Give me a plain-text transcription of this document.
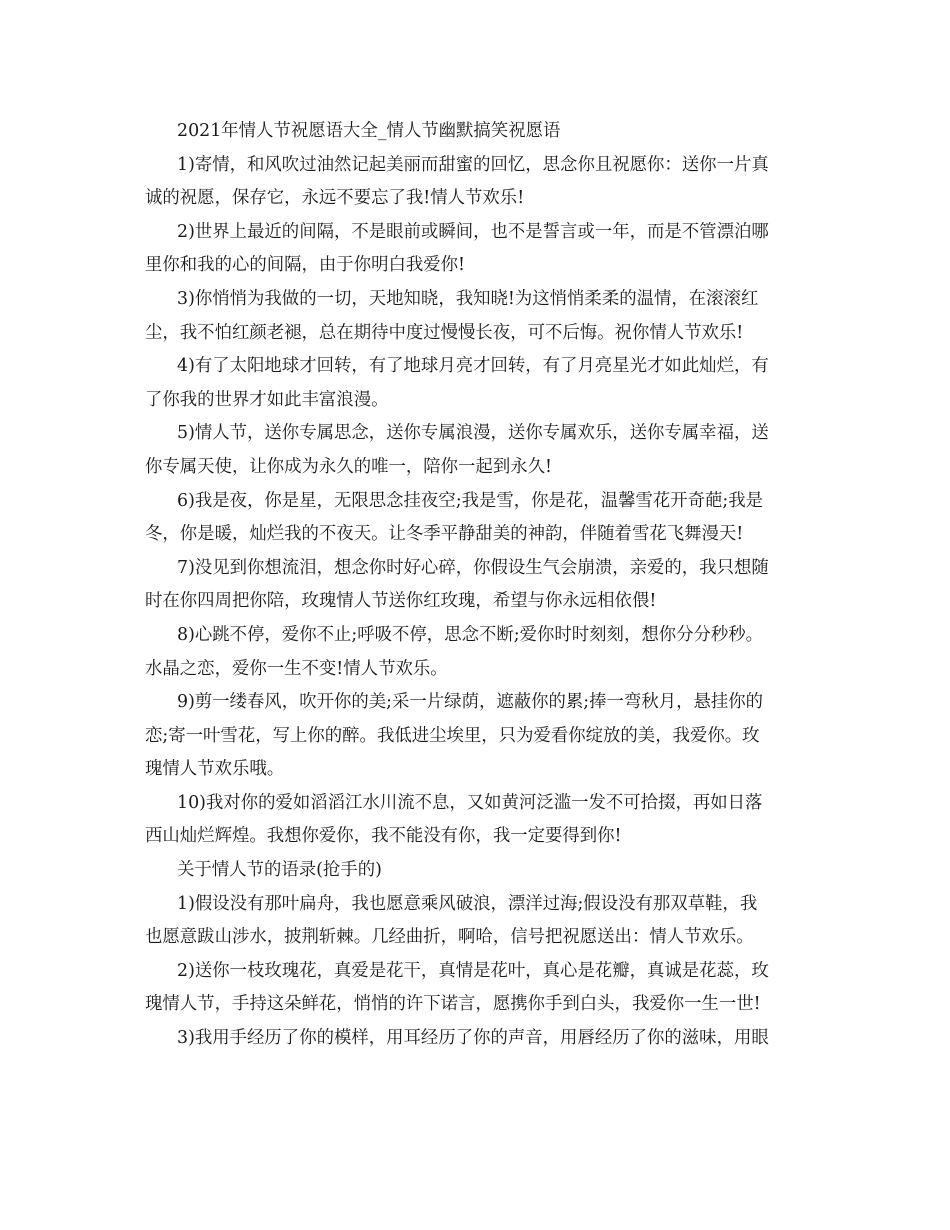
2021年情人节祝愿语大全_情人节幽默搞笑祝愿语
1)寄情，和风吹过油然记起美丽而甜蜜的回忆，思念你且祝愿你：送你一片真
诚的祝愿，保存它，永远不要忘了我!情人节欢乐!
2)世界上最近的间隔，不是眼前或瞬间，也不是誓言或一年，而是不管漂泊哪
里你和我的心的间隔，由于你明白我爱你!
3)你悄悄为我做的一切，天地知晓，我知晓!为这悄悄柔柔的温情，在滚滚红
尘，我不怕红颜老褪，总在期待中度过慢慢长夜，可不后悔。祝你情人节欢乐!
4)有了太阳地球才回转，有了地球月亮才回转，有了月亮星光才如此灿烂，有
了你我的世界才如此丰富浪漫。
5)情人节，送你专属思念，送你专属浪漫，送你专属欢乐，送你专属幸福，送
你专属天使，让你成为永久的唯一，陪你一起到永久!
6)我是夜，你是星，无限思念挂夜空;我是雪，你是花，温馨雪花开奇葩;我是
冬，你是暖，灿烂我的不夜天。让冬季平静甜美的神韵，伴随着雪花飞舞漫天!
7)没见到你想流泪，想念你时好心碎，你假设生气会崩溃，亲爱的，我只想随
时在你四周把你陪，玫瑰情人节送你红玫瑰，希望与你永远相依偎!
8)心跳不停，爱你不止;呼吸不停，思念不断;爱你时时刻刻，想你分分秒秒。
水晶之恋，爱你一生不变!情人节欢乐。
9)剪一缕春风，吹开你的美;采一片绿荫，遮蔽你的累;捧一弯秋月，悬挂你的
恋;寄一叶雪花，写上你的醉。我低进尘埃里，只为爱看你绽放的美，我爱你。玫
瑰情人节欢乐哦。
10)我对你的爱如滔滔江水川流不息，又如黄河泛滥一发不可拾掇，再如日落
西山灿烂辉煌。我想你爱你，我不能没有你，我一定要得到你!
关于情人节的语录(抢手的)
1)假设没有那叶扁舟，我也愿意乘风破浪，漂洋过海;假设没有那双草鞋，我
也愿意跋山涉水，披荆斩棘。几经曲折，啊哈，信号把祝愿送出：情人节欢乐。
2)送你一枝玫瑰花，真爱是花干，真情是花叶，真心是花瓣，真诚是花蕊，玫
瑰情人节，手持这朵鲜花，悄悄的许下诺言，愿携你手到白头，我爱你一生一世!
3)我用手经历了你的模样，用耳经历了你的声音，用唇经历了你的滋味，用眼
